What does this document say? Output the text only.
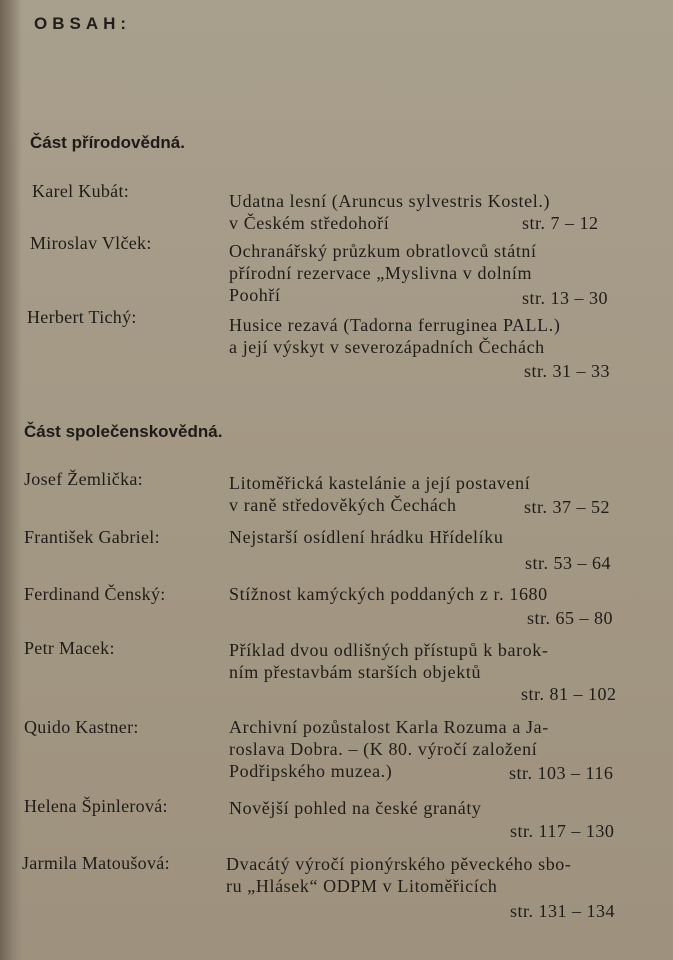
OBSAH:
Část přírodovědná.
Karel Kubát:	Udatna lesní (Aruncus sylvestris Kostel.)
v Českém středohoří	str. 7 – 12
Miroslav Vlček:	Ochranářský průzkum obratlovců státní
přírodní rezervace „Myslivna v dolním
Poohří	str. 13 – 30
Herbert Tichý:	Husice rezavá (Tadorna ferruginea PALL.)
a její výskyt v severozápadních Čechách
str. 31 – 33
Část společenskovědná.
Josef Žemlička:	Litoměřická kastelánie a její postavení
v raně středověkých Čechách	str. 37 – 52
František Gabriel:	Nejstarší osídlení hrádku Hřídelíku
str. 53 – 64
Ferdinand Čenský:	Stížnost kamýckých poddaných z r. 1680
str. 65 – 80
Petr Macek:	Příklad dvou odlišných přístupů k barok-
ním přestavbám starších objektů
str. 81 – 102
Quido Kastner:	Archivní pozůstalost Karla Rozuma a Ja-
roslava Dobra. – (K 80. výročí založení
Podřipského muzea.)	str. 103 – 116
Helena Špinlerová:	Novější pohled na české granáty
str. 117 – 130
Jarmila Matoušová:	Dvacátý výročí pionýrského pěveckého sbo-
ru „Hlásek“ ODPM v Litoměřicích
str. 131 – 134
